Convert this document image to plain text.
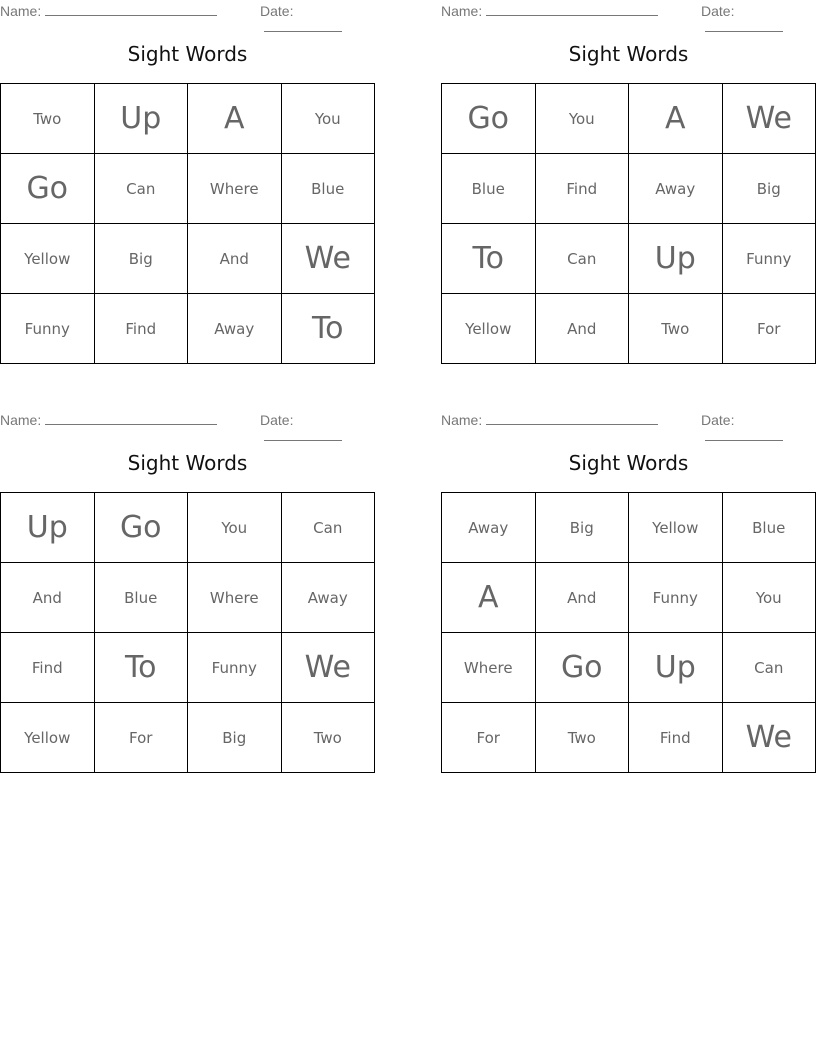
Name:	Date:
Sight Words
Two	Up	A	You
Go	Can	Where	Blue
Yellow	Big	And	We
Funny	Find	Away	To
Name:	Date:
Sight Words
Go	You	A	We
Blue	Find	Away	Big
To	Can	Up	Funny
Yellow	And	Two	For
Name:	Date:
Sight Words
Up	Go	You	Can
And	Blue	Where	Away
Find	To	Funny	We
Yellow	For	Big	Two
Name:	Date:
Sight Words
Away	Big	Yellow	Blue
A	And	Funny	You
Where	Go	Up	Can
For	Two	Find	We
